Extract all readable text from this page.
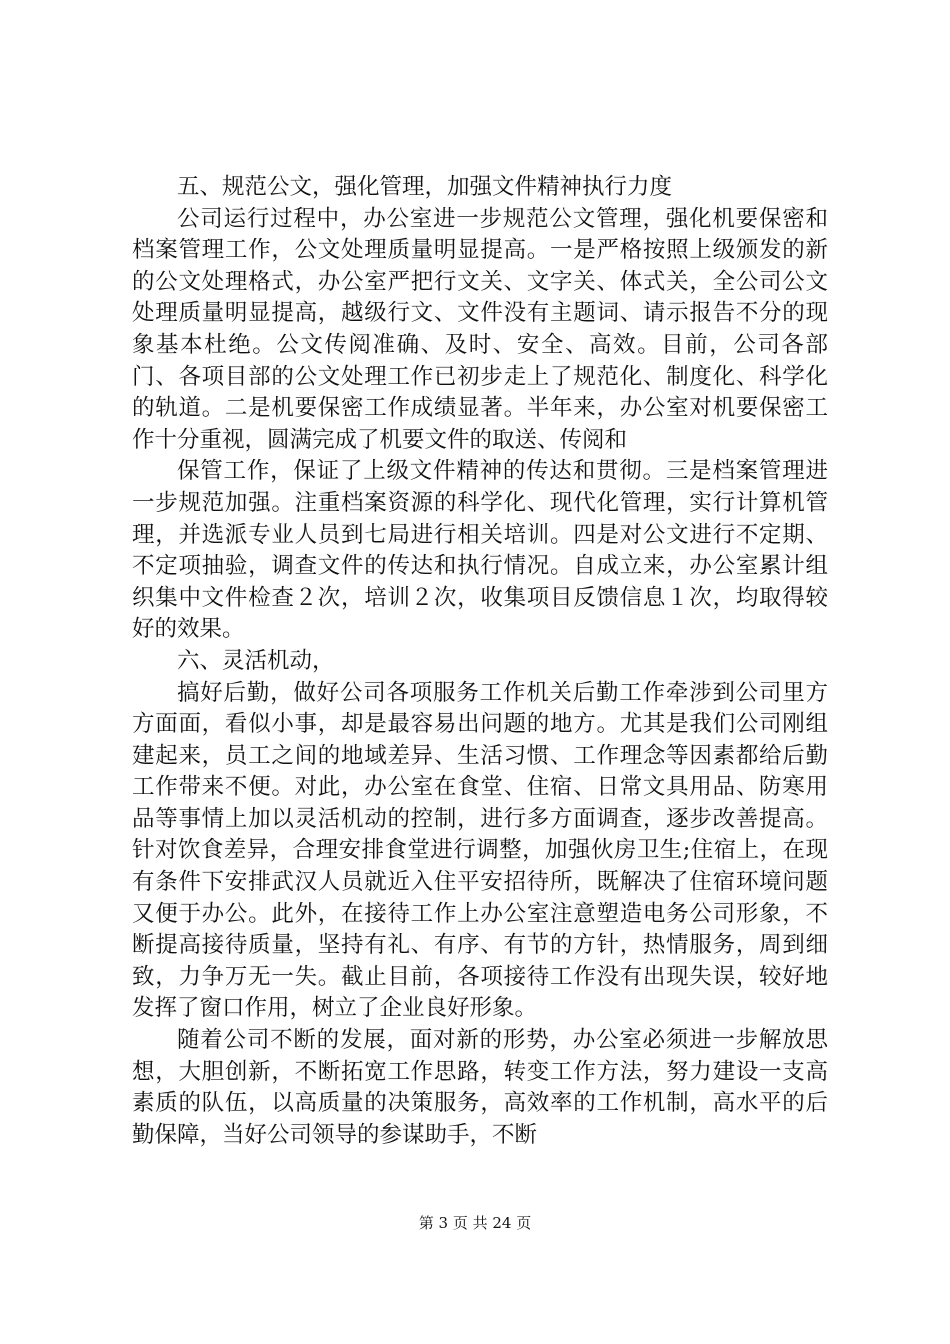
五、规范公文，强化管理，加强文件精神执行力度

公司运行过程中，办公室进一步规范公文管理，强化机要保密和档案管理工作，公文处理质量明显提高。一是严格按照上级颁发的新的公文处理格式，办公室严把行文关、文字关、体式关，全公司公文处理质量明显提高，越级行文、文件没有主题词、请示报告不分的现象基本杜绝。公文传阅准确、及时、安全、高效。目前，公司各部门、各项目部的公文处理工作已初步走上了规范化、制度化、科学化的轨道。二是机要保密工作成绩显著。半年来，办公室对机要保密工作十分重视，圆满完成了机要文件的取送、传阅和

保管工作，保证了上级文件精神的传达和贯彻。三是档案管理进一步规范加强。注重档案资源的科学化、现代化管理，实行计算机管理，并选派专业人员到七局进行相关培训。四是对公文进行不定期、不定项抽验，调查文件的传达和执行情况。自成立来，办公室累计组织集中文件检查２次，培训２次，收集项目反馈信息１次，均取得较好的效果。

六、灵活机动，

搞好后勤，做好公司各项服务工作机关后勤工作牵涉到公司里方方面面，看似小事，却是最容易出问题的地方。尤其是我们公司刚组建起来，员工之间的地域差异、生活习惯、工作理念等因素都给后勤工作带来不便。对此，办公室在食堂、住宿、日常文具用品、防寒用品等事情上加以灵活机动的控制，进行多方面调查，逐步改善提高。针对饮食差异，合理安排食堂进行调整，加强伙房卫生;住宿上，在现有条件下安排武汉人员就近入住平安招待所，既解决了住宿环境问题又便于办公。此外，在接待工作上办公室注意塑造电务公司形象，不断提高接待质量，坚持有礼、有序、有节的方针，热情服务，周到细致，力争万无一失。截止目前，各项接待工作没有出现失误，较好地发挥了窗口作用，树立了企业良好形象。

随着公司不断的发展，面对新的形势，办公室必须进一步解放思想，大胆创新，不断拓宽工作思路，转变工作方法，努力建设一支高素质的队伍，以高质量的决策服务，高效率的工作机制，高水平的后勤保障，当好公司领导的参谋助手，不断

第 3 页 共 24 页
